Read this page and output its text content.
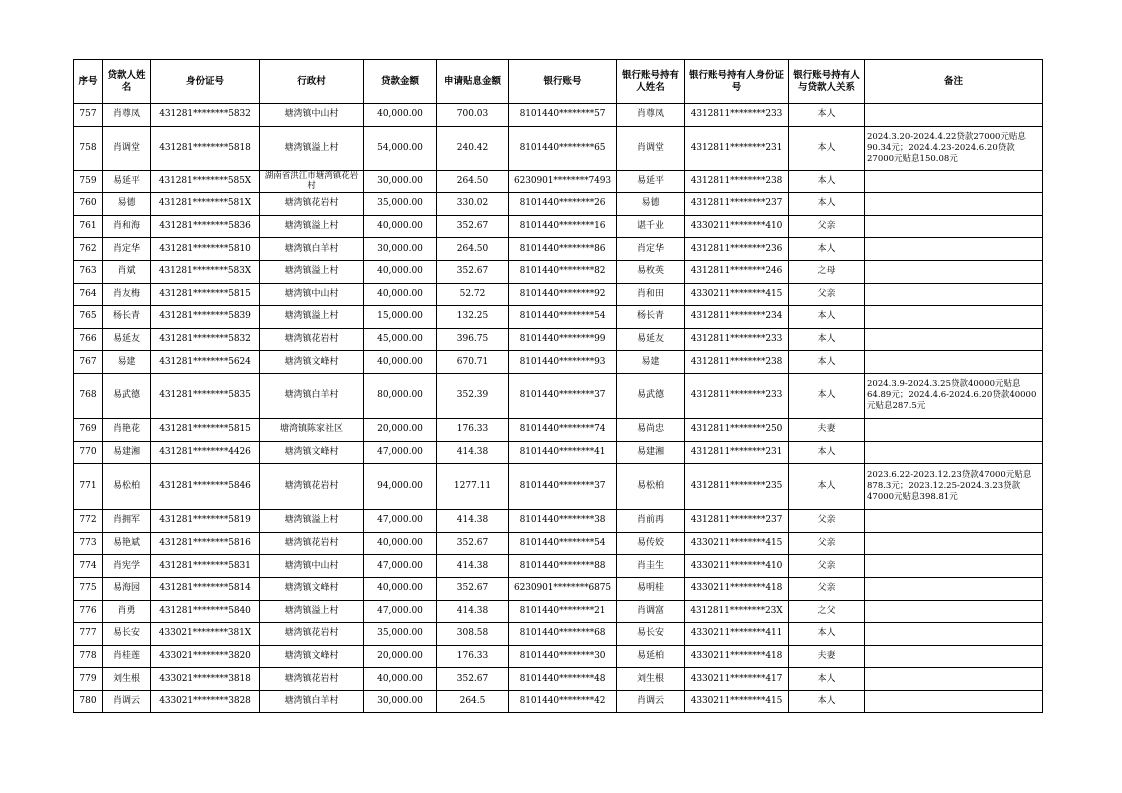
序号	贷款人姓名	身份证号	行政村	贷款金额	申请贴息金额	银行账号	银行账号持有人姓名	银行账号持有人身份证号	银行账号持有人与贷款人关系	备注
757	肖尊凤	431281********5832	塘湾镇中山村	40,000.00	700.03	8101440********57	肖尊凤	4312811********233	本人	
758	肖调堂	431281********5818	塘湾镇溢上村	54,000.00	240.42	8101440********65	肖调堂	4312811********231	本人	2024.3.20-2024.4.22贷款27000元贴息90.34元；2024.4.23-2024.6.20贷款27000元贴息150.08元
759	易延平	431281********585X	湖南省洪江市塘湾镇花岩村	30,000.00	264.50	6230901********7493	易延平	4312811********238	本人	
760	易德	431281********581X	塘湾镇花岩村	35,000.00	330.02	8101440********26	易德	4312811********237	本人	
761	肖和海	431281********5836	塘湾镇溢上村	40,000.00	352.67	8101440********16	谌千业	4330211********410	父亲	
762	肖定华	431281********5810	塘湾镇白羊村	30,000.00	264.50	8101440********86	肖定华	4312811********236	本人	
763	肖斌	431281********583X	塘湾镇溢上村	40,000.00	352.67	8101440********82	易枚英	4312811********246	之母	
764	肖友梅	431281********5815	塘湾镇中山村	40,000.00	52.72	8101440********92	肖和田	4330211********415	父亲	
765	杨长青	431281********5839	塘湾镇溢上村	15,000.00	132.25	8101440********54	杨长青	4312811********234	本人	
766	易延友	431281********5832	塘湾镇花岩村	45,000.00	396.75	8101440********99	易延友	4312811********233	本人	
767	易建	431281********5624	塘湾镇文峰村	40,000.00	670.71	8101440********93	易建	4312811********238	本人	
768	易武德	431281********5835	塘湾镇白羊村	80,000.00	352.39	8101440********37	易武德	4312811********233	本人	2024.3.9-2024.3.25贷款40000元贴息64.89元；2024.4.6-2024.6.20贷款40000元贴息287.5元
769	肖艳花	431281********5815	塘湾镇陈家社区	20,000.00	176.33	8101440********74	易尚忠	4312811********250	夫妻	
770	易建湘	431281********4426	塘湾镇文峰村	47,000.00	414.38	8101440********41	易建湘	4312811********231	本人	
771	易松柏	431281********5846	塘湾镇花岩村	94,000.00	1277.11	8101440********37	易松柏	4312811********235	本人	2023.6.22-2023.12.23贷款47000元贴息878.3元；2023.12.25-2024.3.23贷款47000元贴息398.81元
772	肖拥军	431281********5819	塘湾镇溢上村	47,000.00	414.38	8101440********38	肖前再	4312811********237	父亲	
773	易艳斌	431281********5816	塘湾镇花岩村	40,000.00	352.67	8101440********54	易传姣	4330211********415	父亲	
774	肖宪学	431281********5831	塘湾镇中山村	47,000.00	414.38	8101440********88	肖圭生	4330211********410	父亲	
775	易海园	431281********5814	塘湾镇文峰村	40,000.00	352.67	6230901********6875	易明桂	4330211********418	父亲	
776	肖勇	431281********5840	塘湾镇溢上村	47,000.00	414.38	8101440********21	肖调富	4312811********23X	之父	
777	易长安	433021********381X	塘湾镇花岩村	35,000.00	308.58	8101440********68	易长安	4330211********411	本人	
778	肖桂莲	433021********3820	塘湾镇文峰村	20,000.00	176.33	8101440********30	易延柏	4330211********418	夫妻	
779	刘生根	433021********3818	塘湾镇花岩村	40,000.00	352.67	8101440********48	刘生根	4330211********417	本人	
780	肖调云	433021********3828	塘湾镇白羊村	30,000.00	264.5	8101440********42	肖调云	4330211********415	本人	
